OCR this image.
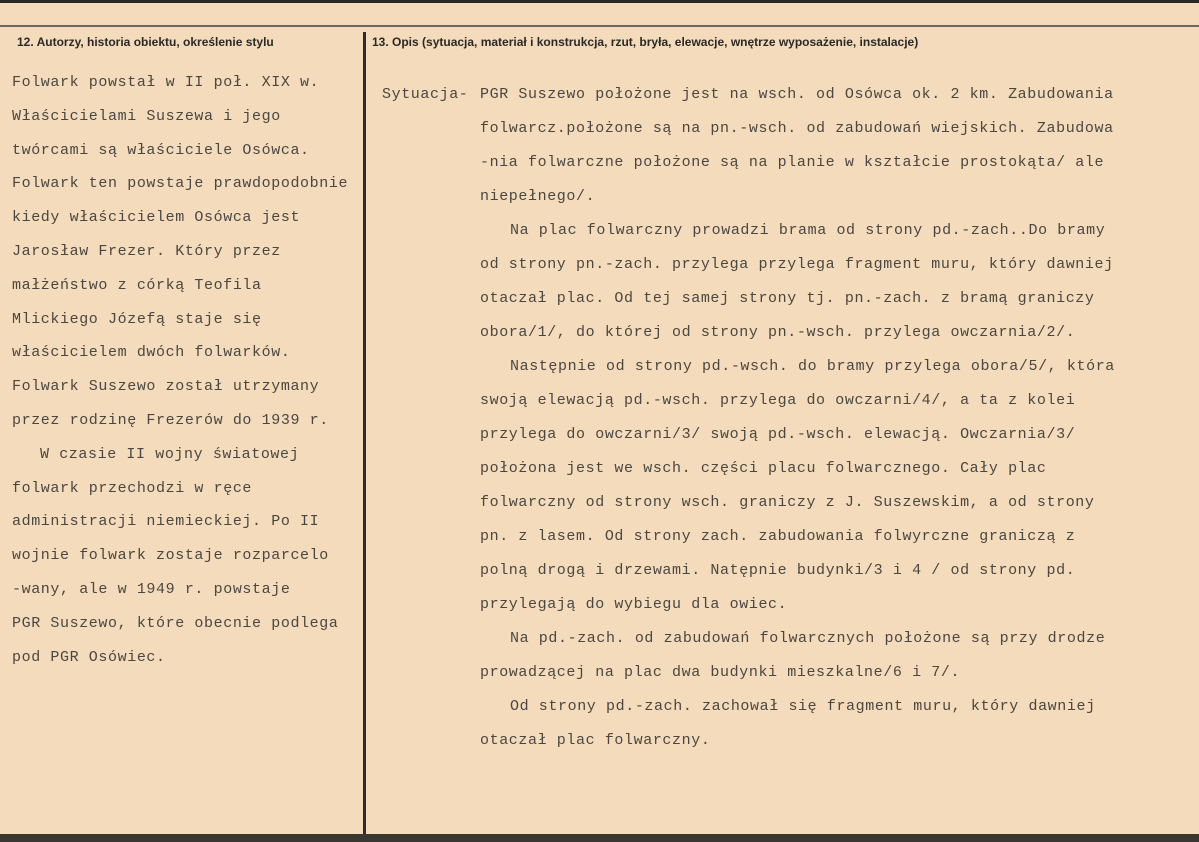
12. Autorzy, historia obiektu, określenie stylu	13. Opis (sytuacja, materiał i konstrukcja, rzut, bryła, elewacje, wnętrze wyposażenie, instalacje)
Folwark powstał w II poł. XIX w.
Właścicielami Suszewa i jego
twórcami są właściciele Osówca.
Folwark ten powstaje prawdopodobnie
kiedy właścicielem Osówca jest
Jarosław Frezer. Który przez
małżeństwo z córką Teofila
Mlickiego Józefą staje się
właścicielem dwóch folwarków.
Folwark Suszewo został utrzymany
przez rodzinę Frezerów do 1939 r.
W czasie II wojny światowej
folwark przechodzi w ręce
administracji niemieckiej. Po II
wojnie folwark zostaje rozparcelo
-wany, ale w 1949 r. powstaje
PGR Suszewo, które obecnie podlega
pod PGR Osówiec.
Sytuacja- PGR Suszewo położone jest na wsch. od Osówca ok. 2 km. Zabudowania
folwarcz.położone są na pn.-wsch. od zabudowań wiejskich. Zabudowa
-nia folwarczne położone są na planie w kształcie prostokąta/ ale
niepełnego/.
Na plac folwarczny prowadzi brama od strony pd.-zach..Do bramy
od strony pn.-zach. przylega przylega fragment muru, który dawniej
otaczał plac. Od tej samej strony tj. pn.-zach. z bramą graniczy
obora/1/, do której od strony pn.-wsch. przylega owczarnia/2/.
Następnie od strony pd.-wsch. do bramy przylega obora/5/, która
swoją elewacją pd.-wsch. przylega do owczarni/4/, a ta z kolei
przylega do owczarni/3/ swoją pd.-wsch. elewacją. Owczarnia/3/
położona jest we wsch. części placu folwarcznego. Cały plac
folwarczny od strony wsch. graniczy z J. Suszewskim, a od strony
pn. z lasem. Od strony zach. zabudowania folwyrczne graniczą z
polną drogą i drzewami. Natępnie budynki/3 i 4 / od strony pd.
przylegają do wybiegu dla owiec.
Na pd.-zach. od zabudowań folwarcznych położone są przy drodze
prowadzącej na plac dwa budynki mieszkalne/6 i 7/.
Od strony pd.-zach. zachował się fragment muru, który dawniej
otaczał plac folwarczny.
